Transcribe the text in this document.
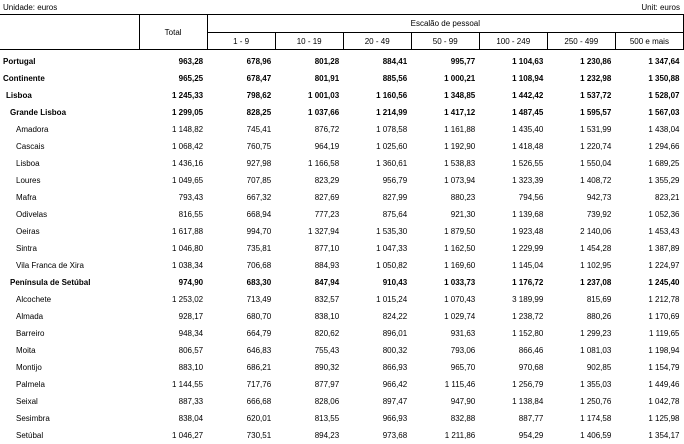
Unidade: euros	Unit: euros
	Total	Escalão de pessoal						
		1 - 9	10 - 19	20 - 49	50 - 99	100 - 249	250 - 499	500 e mais
Portugal	963,28	678,96	801,28	884,41	995,77	1 104,63	1 230,86	1 347,64
Continente	965,25	678,47	801,91	885,56	1 000,21	1 108,94	1 232,98	1 350,88
Lisboa	1 245,33	798,62	1 001,03	1 160,56	1 348,85	1 442,42	1 537,72	1 528,07
Grande Lisboa	1 299,05	828,25	1 037,66	1 214,99	1 417,12	1 487,45	1 595,57	1 567,03
Amadora	1 148,82	745,41	876,72	1 078,58	1 161,88	1 435,40	1 531,99	1 438,04
Cascais	1 068,42	760,75	964,19	1 025,60	1 192,90	1 418,48	1 220,74	1 294,66
Lisboa	1 436,16	927,98	1 166,58	1 360,61	1 538,83	1 526,55	1 550,04	1 689,25
Loures	1 049,65	707,85	823,29	956,79	1 073,94	1 323,39	1 408,72	1 355,29
Mafra	793,43	667,32	827,69	827,99	880,23	794,56	942,73	823,21
Odivelas	816,55	668,94	777,23	875,64	921,30	1 139,68	739,92	1 052,36
Oeiras	1 617,88	994,70	1 327,94	1 535,30	1 879,50	1 923,48	2 140,06	1 453,43
Sintra	1 046,80	735,81	877,10	1 047,33	1 162,50	1 229,99	1 454,28	1 387,89
Vila Franca de Xira	1 038,34	706,68	884,93	1 050,82	1 169,60	1 145,04	1 102,95	1 224,97
Península de Setúbal	974,90	683,30	847,94	910,43	1 033,73	1 176,72	1 237,08	1 245,40
Alcochete	1 253,02	713,49	832,57	1 015,24	1 070,43	3 189,99	815,69	1 212,78
Almada	928,17	680,70	838,10	824,22	1 029,74	1 238,72	880,26	1 170,69
Barreiro	948,34	664,79	820,62	896,01	931,63	1 152,80	1 299,23	1 119,65
Moita	806,57	646,83	755,43	800,32	793,06	866,46	1 081,03	1 198,94
Montijo	883,10	686,21	890,32	866,93	965,70	970,68	902,85	1 154,79
Palmela	1 144,55	717,76	877,97	966,42	1 115,46	1 256,79	1 355,03	1 449,46
Seixal	887,33	666,68	828,06	897,47	947,90	1 138,84	1 250,76	1 042,78
Sesimbra	838,04	620,01	813,55	966,93	832,88	887,77	1 174,58	1 125,98
Setúbal	1 046,27	730,51	894,23	973,68	1 211,86	954,29	1 406,59	1 354,17
